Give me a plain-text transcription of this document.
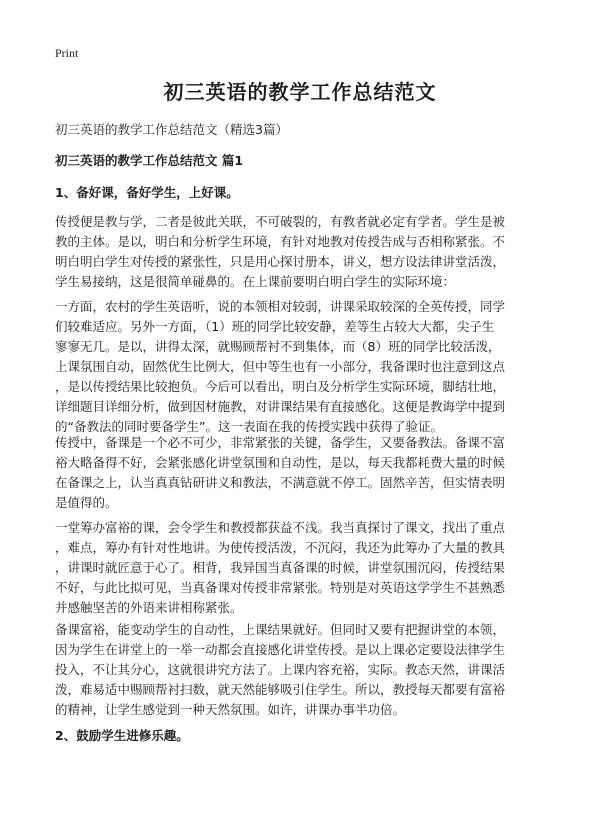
Print
初三英语的教学工作总结范文
初三英语的教学工作总结范文（精选3篇）
初三英语的教学工作总结范文 篇1
1、备好课，备好学生，上好课。
传授便是教与学，二者是彼此关联，不可破裂的，有教者就必定有学者。学生是被
教的主体。是以，明白和分析学生环境，有针对地教对传授告成与否相称紧张。不
明白明白学生对传授的紧张性，只是用心探讨册本，讲义，想方设法律讲堂活泼，
学生易接纳，这是很简单碰鼻的。在上课前要明白明白学生的实际环境：
一方面，农村的学生英语听，说的本领相对较弱，讲课采取较深的全英传授，同学
们较难适应。另外一方面，（1）班的同学比较安静，差等生占较大大都，尖子生
寥寥无几。是以，讲得太深，就赐顾帮衬不到集体，而（8）班的同学比较活泼，
上课氛围自动，固然优生比例大，但中等生也有一小部分，我备课时也注意到这点
，是以传授结果比较抱负。今后可以看出，明白及分析学生实际环境，脚结壮地，
详细题目详细分析，做到因材施教，对讲课结果有直接感化。这便是教诲学中提到
的“备教法的同时要备学生”。这一表面在我的传授实践中获得了验证。
传授中，备课是一个必不可少，非常紧张的关键，备学生，又要备教法。备课不富
裕大略备得不好，会紧张感化讲堂氛围和自动性，是以，每天我都耗费大量的时候
在备课之上，认当真真钻研讲义和教法，不满意就不停工。固然辛苦，但实情表明
是值得的。
一堂筹办富裕的课，会令学生和教授都获益不浅。我当真探讨了课文，找出了重点
，难点，筹办有针对性地讲。为使传授活泼，不沉闷，我还为此筹办了大量的教具
，讲课时就匠意于心了。相背，我异国当真备课的时候，讲堂氛围沉闷，传授结果
不好，与此比拟可见，当真备课对传授非常紧张。特别是对英语这学学生不甚熟悉
并感触坚苦的外语来讲相称紧张。
备课富裕，能变动学生的自动性，上课结果就好。但同时又要有把握讲堂的本领，
因为学生在讲堂上的一举一动都会直接感化讲堂传授。是以上课必定要设法律学生
投入，不让其分心，这就很讲究方法了。上课内容充裕，实际。教态天然，讲课活
泼，难易适中赐顾帮衬扫数，就天然能够吸引住学生。所以，教授每天都要有富裕
的精神，让学生感觉到一种天然氛围。如许，讲课办事半功倍。
2、鼓励学生进修乐趣。
